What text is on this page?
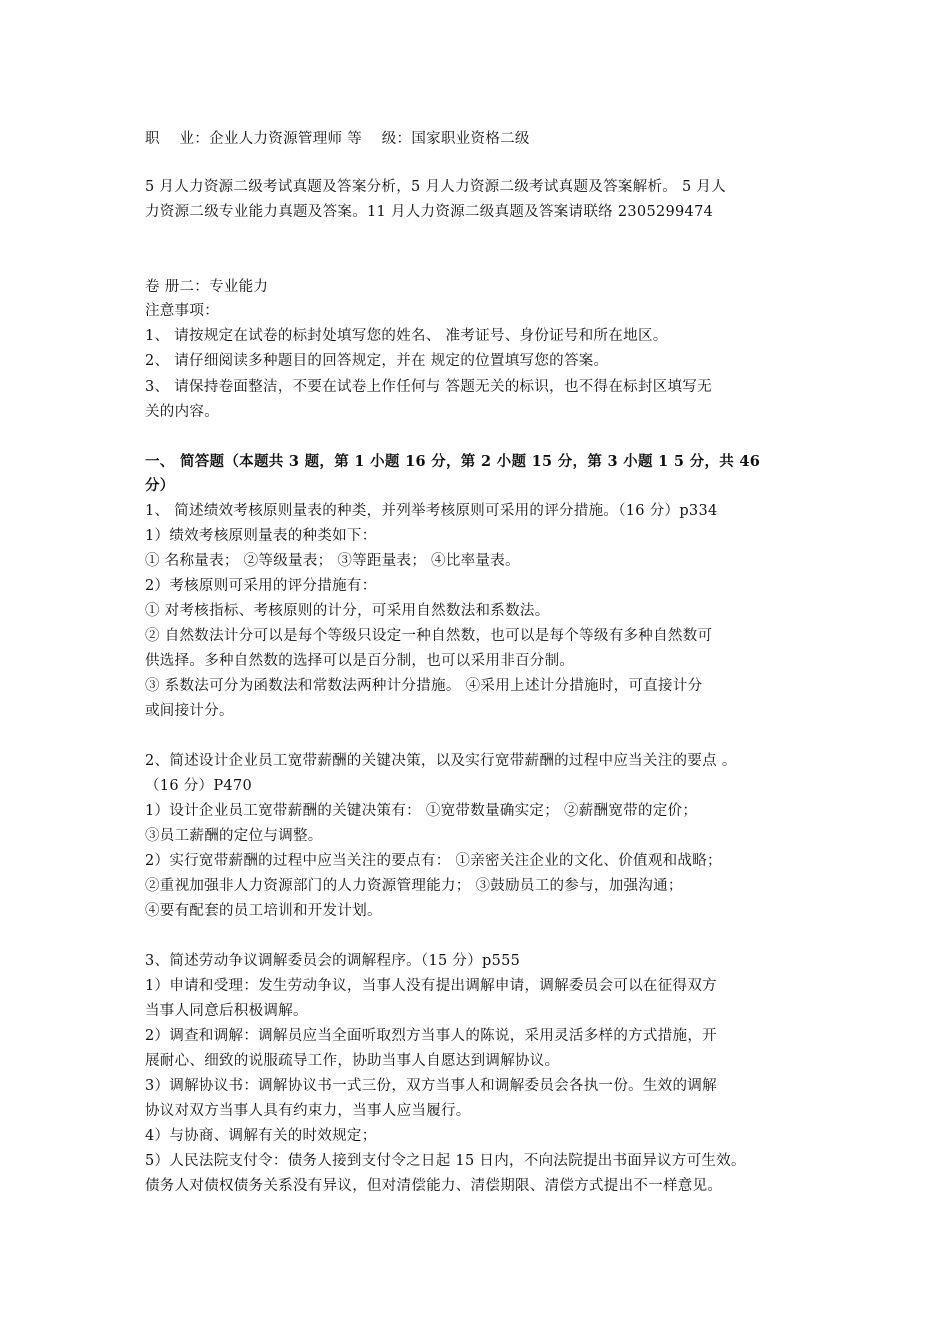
职　 业：企业人力资源管理师 等　 级：国家职业资格二级
5 月人力资源二级考试真题及答案分析，5 月人力资源二级考试真题及答案解析。 5 月人
力资源二级专业能力真题及答案。11 月人力资源二级真题及答案请联络 2305299474
卷 册二：专业能力
注意事项：
1、 请按规定在试卷的标封处填写您的姓名、 准考证号、身份证号和所在地区。
2、 请仔细阅读多种题目的回答规定，并在 规定的位置填写您的答案。
3、 请保持卷面整洁，不要在试卷上作任何与 答题无关的标识，也不得在标封区填写无
关的内容。
一、 简答题（本题共 3 题，第 1 小题 16 分，第 2 小题 15 分，第 3 小题 1 5 分，共 46
分）
1、 简述绩效考核原则量表的种类，并列举考核原则可采用的评分措施。（16 分）p334
1）绩效考核原则量表的种类如下：
① 名称量表； ②等级量表； ③等距量表； ④比率量表。
2）考核原则可采用的评分措施有：
① 对考核指标、考核原则的计分，可采用自然数法和系数法。
② 自然数法计分可以是每个等级只设定一种自然数，也可以是每个等级有多种自然数可
供选择。多种自然数的选择可以是百分制，也可以采用非百分制。
③ 系数法可分为函数法和常数法两种计分措施。 ④采用上述计分措施时，可直接计分
或间接计分。
2、简述设计企业员工宽带薪酬的关键决策，以及实行宽带薪酬的过程中应当关注的要点 。
（16 分）P470
1）设计企业员工宽带薪酬的关键决策有： ①宽带数量确实定； ②薪酬宽带的定价；
③员工薪酬的定位与调整。
2）实行宽带薪酬的过程中应当关注的要点有： ①亲密关注企业的文化、价值观和战略；
②重视加强非人力资源部门的人力资源管理能力； ③鼓励员工的参与，加强沟通；
④要有配套的员工培训和开发计划。
3、简述劳动争议调解委员会的调解程序。（15 分）p555
1）申请和受理：发生劳动争议，当事人没有提出调解申请，调解委员会可以在征得双方
当事人同意后积极调解。
2）调查和调解：调解员应当全面听取烈方当事人的陈说，采用灵活多样的方式措施，开
展耐心、细致的说服疏导工作，协助当事人自愿达到调解协议。
3）调解协议书：调解协议书一式三份，双方当事人和调解委员会各执一份。生效的调解
协议对双方当事人具有约束力，当事人应当履行。
4）与协商、调解有关的时效规定；
5）人民法院支付令：债务人接到支付令之日起 15 日内，不向法院提出书面异议方可生效。
债务人对债权债务关系没有异议，但对清偿能力、清偿期限、清偿方式提出不一样意见。
